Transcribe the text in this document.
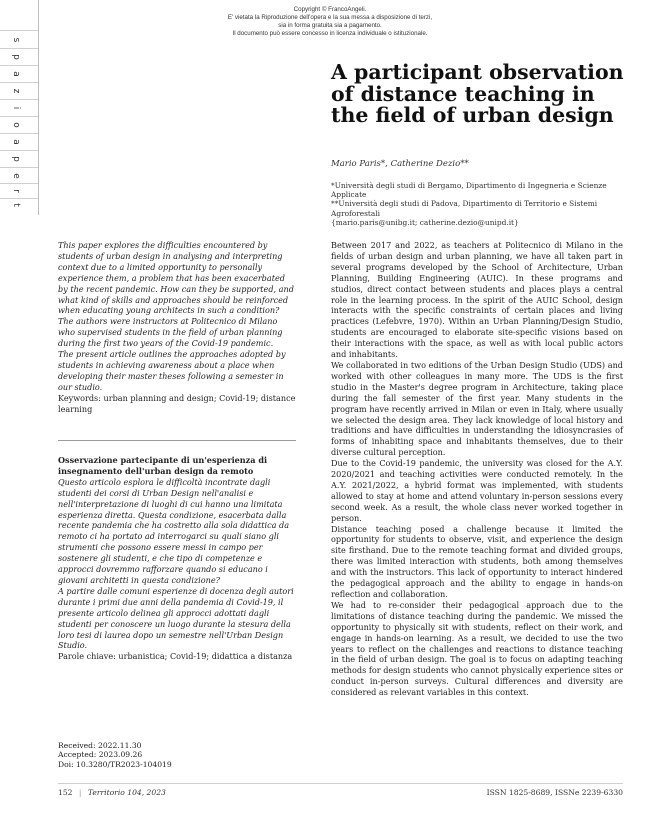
Copyright © FrancoAngeli.
E' vietata la Riproduzione dell'opera e la sua messa a disposizione di terzi,
sia in forma gratuita sia a pagamento.
Il documento può essere concesso in licenza individuale o istituzionale.
s
p
a
z
i
o
a
p
e
r
t
A participant observation of distance teaching in the field of urban design
Mario Paris*, Catherine Dezio**
*Università degli studi di Bergamo, Dipartimento di Ingegneria e Scienze Applicate
**Università degli studi di Padova, Dipartimento di Territorio e Sistemi Agroforestali
{mario.paris@unibg.it; catherine.dezio@unipd.it}

This paper explores the difficulties encountered by students of urban design in analysing and interpreting context due to a limited opportunity to personally experience them, a problem that has been exacerbated by the recent pandemic. How can they be supported, and what kind of skills and approaches should be reinforced when educating young architects in such a condition? The authors were instructors at Politecnico di Milano who supervised students in the field of urban planning during the first two years of the Covid-19 pandemic.

The present article outlines the approaches adopted by students in achieving awareness about a place when developing their master theses following a semester in our studio.

Keywords: urban planning and design; Covid-19; distance learning

Osservazione partecipante di un'esperienza di insegnamento dell'urban design da remoto

Questo articolo esplora le difficoltà incontrate dagli studenti dei corsi di Urban Design nell'analisi e nell'interpretazione di luoghi di cui hanno una limitata esperienza diretta. Questa condizione, esacerbata dalla recente pandemia che ha costretto alla sola didattica da remoto ci ha portato ad interrogarci su quali siano gli strumenti che possono essere messi in campo per sostenere gli studenti, e che tipo di competenze e approcci dovremmo rafforzare quando si educano i giovani architetti in questa condizione?

A partire dalle comuni esperienze di docenza degli autori durante i primi due anni della pandemia di Covid-19, il presente articolo delinea gli approcci adottati dagli studenti per conoscere un luogo durante la stesura della loro tesi di laurea dopo un semestre nell'Urban Design Studio.

Parole chiave: urbanistica; Covid-19; didattica a distanza

Received: 2022.11.30
Accepted: 2023.09.26
Doi: 10.3280/TR2023-104019

Between 2017 and 2022, as teachers at Politecnico di Milano in the fields of urban design and urban planning, we have all taken part in several programs developed by the School of Architecture, Urban Planning, Building Engineering (AUIC). In these programs and studios, direct contact between students and places plays a central role in the learning process. In the spirit of the AUIC School, design interacts with the specific constraints of certain places and living practices (Lefebvre, 1970). Within an Urban Planning/Design Studio, students are encouraged to elaborate site-specific visions based on their interactions with the space, as well as with local public actors and inhabitants.

We collaborated in two editions of the Urban Design Studio (UDS) and worked with other colleagues in many more. The UDS is the first studio in the Master's degree program in Architecture, taking place during the fall semester of the first year. Many students in the program have recently arrived in Milan or even in Italy, where usually we selected the design area. They lack knowledge of local history and traditions and have difficulties in understanding the idiosyncrasies of forms of inhabiting space and inhabitants themselves, due to their diverse cultural perception.

Due to the Covid-19 pandemic, the university was closed for the A.Y. 2020/2021 and teaching activities were conducted remotely. In the A.Y. 2021/2022, a hybrid format was implemented, with students allowed to stay at home and attend voluntary in-person sessions every second week. As a result, the whole class never worked together in person.

Distance teaching posed a challenge because it limited the opportunity for students to observe, visit, and experience the design site firsthand. Due to the remote teaching format and divided groups, there was limited interaction with students, both among themselves and with the instructors. This lack of opportunity to interact hindered the pedagogical approach and the ability to engage in hands-on reflection and collaboration.

We had to re-consider their pedagogical approach due to the limitations of distance teaching during the pandemic. We missed the opportunity to physically sit with students, reflect on their work, and engage in hands-on learning. As a result, we decided to use the two years to reflect on the challenges and reactions to distance teaching in the field of urban design. The goal is to focus on adapting teaching methods for design students who cannot physically experience sites or conduct in-person surveys. Cultural differences and diversity are considered as relevant variables in this context.

152 | Territorio 104, 2023	ISSN 1825-8689, ISSNe 2239-6330
